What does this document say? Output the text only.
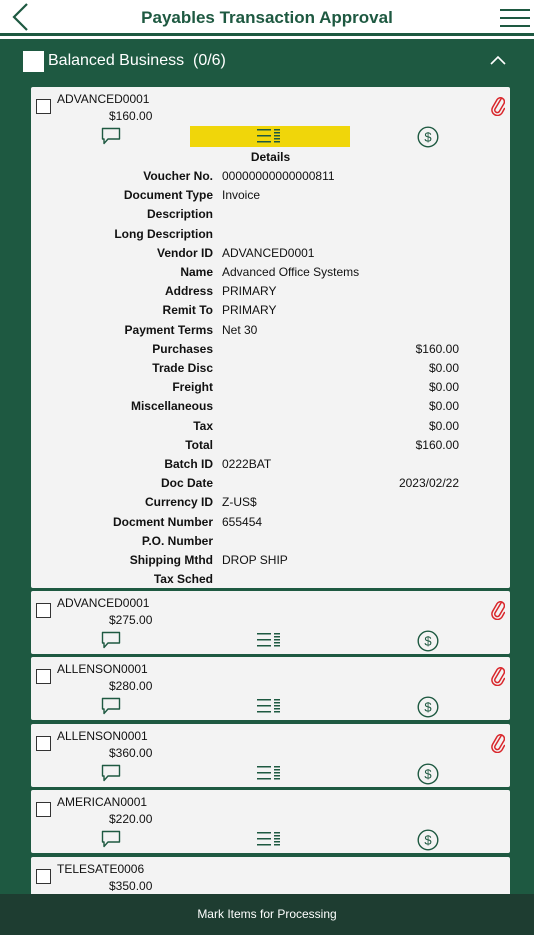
Payables Transaction Approval
Balanced Business (0/6)
ADVANCED0001
$160.00
$
Details
Voucher No. 00000000000000811
Document Type Invoice
Description
Long Description
Vendor ID ADVANCED0001
Name Advanced Office Systems
Address PRIMARY
Remit To PRIMARY
Payment Terms Net 30
Purchases	$160.00
Trade Disc	$0.00
Freight	$0.00
Miscellaneous	$0.00
Tax	$0.00
Total	$160.00
Batch ID 0222BAT
Doc Date	2023/02/22
Currency ID Z-US$
Docment Number 655454
P.O. Number
Shipping Mthd DROP SHIP
Tax Sched
ADVANCED0001
$275.00
$
ALLENSON0001
$280.00
$
ALLENSON0001
$360.00
$
AMERICAN0001
$220.00
$
TELESATE0006
$350.00
Mark Items for Processing
